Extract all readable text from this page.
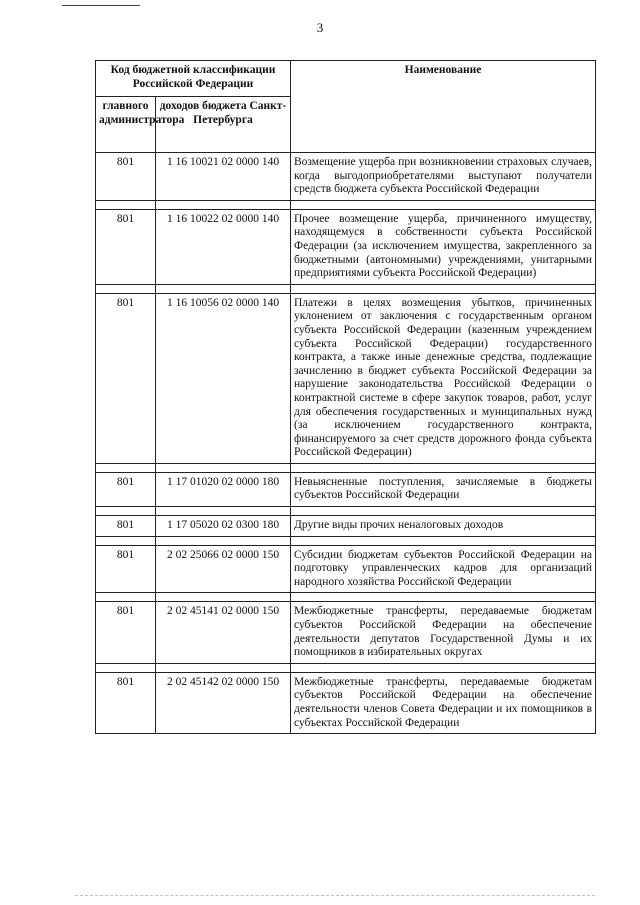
3
Код бюджетной классификации Российской Федерации		Наименование
главного администратора	доходов бюджета Санкт-Петербурга	
801	1 16 10021 02 0000 140	Возмещение ущерба при возникновении страховых случаев, когда выгодоприобретателями выступают получатели средств бюджета субъекта Российской Федерации

801	1 16 10022 02 0000 140	Прочее возмещение ущерба, причиненного имуществу, находящемуся в собственности субъекта Российской Федерации (за исключением имущества, закрепленного за бюджетными (автономными) учреждениями, унитарными предприятиями субъекта Российской Федерации)

801	1 16 10056 02 0000 140	Платежи в целях возмещения убытков, причиненных уклонением от заключения с государственным органом субъекта Российской Федерации (казенным учреждением субъекта Российской Федерации) государственного контракта, а также иные денежные средства, подлежащие зачислению в бюджет субъекта Российской Федерации за нарушение законодательства Российской Федерации о контрактной системе в сфере закупок товаров, работ, услуг для обеспечения государственных и муниципальных нужд (за исключением государственного контракта, финансируемого за счет средств дорожного фонда субъекта Российской Федерации)

801	1 17 01020 02 0000 180	Невыясненные поступления, зачисляемые в бюджеты субъектов Российской Федерации

801	1 17 05020 02 0300 180	Другие виды прочих неналоговых доходов

801	2 02 25066 02 0000 150	Субсидии бюджетам субъектов Российской Федерации на подготовку управленческих кадров для организаций народного хозяйства Российской Федерации

801	2 02 45141 02 0000 150	Межбюджетные трансферты, передаваемые бюджетам субъектов Российской Федерации на обеспечение деятельности депутатов Государственной Думы и их помощников в избирательных округах

801	2 02 45142 02 0000 150	Межбюджетные трансферты, передаваемые бюджетам субъектов Российской Федерации на обеспечение деятельности членов Совета Федерации и их помощников в субъектах Российской Федерации
